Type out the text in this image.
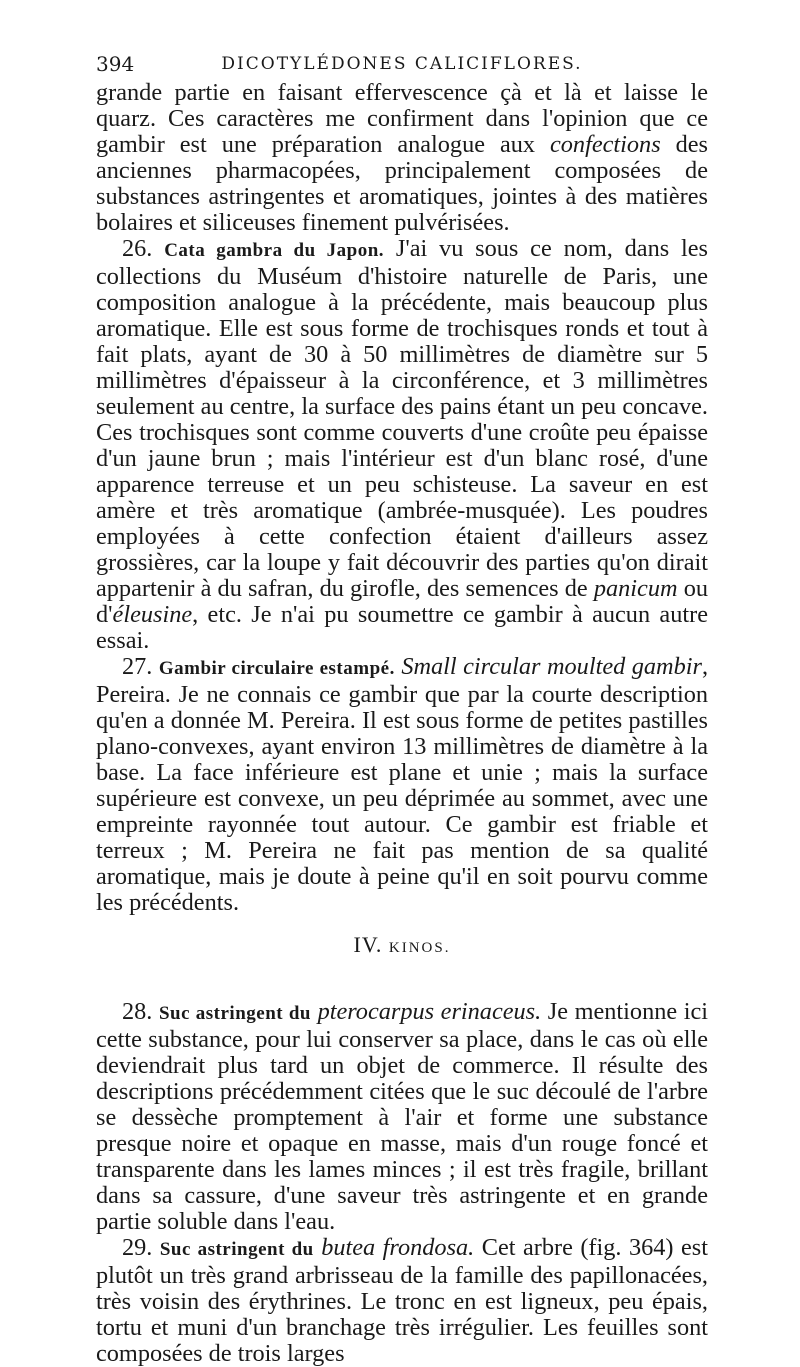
394	DICOTYLÉDONES CALICIFLORES.

grande partie en faisant effervescence çà et là et laisse le quarz. Ces caractères me confirment dans l'opinion que ce gambir est une préparation analogue aux confections des anciennes pharmacopées, principalement composées de substances astringentes et aromatiques, jointes à des matières bolaires et siliceuses finement pulvérisées.

26. Cata gambra du Japon. J'ai vu sous ce nom, dans les collections du Muséum d'histoire naturelle de Paris, une composition analogue à la précédente, mais beaucoup plus aromatique. Elle est sous forme de trochisques ronds et tout à fait plats, ayant de 30 à 50 millimètres de diamètre sur 5 millimètres d'épaisseur à la circonférence, et 3 millimètres seulement au centre, la surface des pains étant un peu concave. Ces trochisques sont comme couverts d'une croûte peu épaisse d'un jaune brun ; mais l'intérieur est d'un blanc rosé, d'une apparence terreuse et un peu schisteuse. La saveur en est amère et très aromatique (ambrée-musquée). Les poudres employées à cette confection étaient d'ailleurs assez grossières, car la loupe y fait découvrir des parties qu'on dirait appartenir à du safran, du girofle, des semences de panicum ou d'éleusine, etc. Je n'ai pu soumettre ce gambir à aucun autre essai.

27. Gambir circulaire estampé. Small circular moulted gambir, Pereira. Je ne connais ce gambir que par la courte description qu'en a donnée M. Pereira. Il est sous forme de petites pastilles plano-convexes, ayant environ 13 millimètres de diamètre à la base. La face inférieure est plane et unie ; mais la surface supérieure est convexe, un peu déprimée au sommet, avec une empreinte rayonnée tout autour. Ce gambir est friable et terreux ; M. Pereira ne fait pas mention de sa qualité aromatique, mais je doute à peine qu'il en soit pourvu comme les précédents.

IV. KINOS.

28. Suc astringent du pterocarpus erinaceus. Je mentionne ici cette substance, pour lui conserver sa place, dans le cas où elle deviendrait plus tard un objet de commerce. Il résulte des descriptions précédemment citées que le suc découlé de l'arbre se dessèche promptement à l'air et forme une substance presque noire et opaque en masse, mais d'un rouge foncé et transparente dans les lames minces ; il est très fragile, brillant dans sa cassure, d'une saveur très astringente et en grande partie soluble dans l'eau.

29. Suc astringent du butea frondosa. Cet arbre (fig. 364) est plutôt un très grand arbrisseau de la famille des papillonacées, très voisin des érythrines. Le tronc en est ligneux, peu épais, tortu et muni d'un branchage très irrégulier. Les feuilles sont composées de trois larges
